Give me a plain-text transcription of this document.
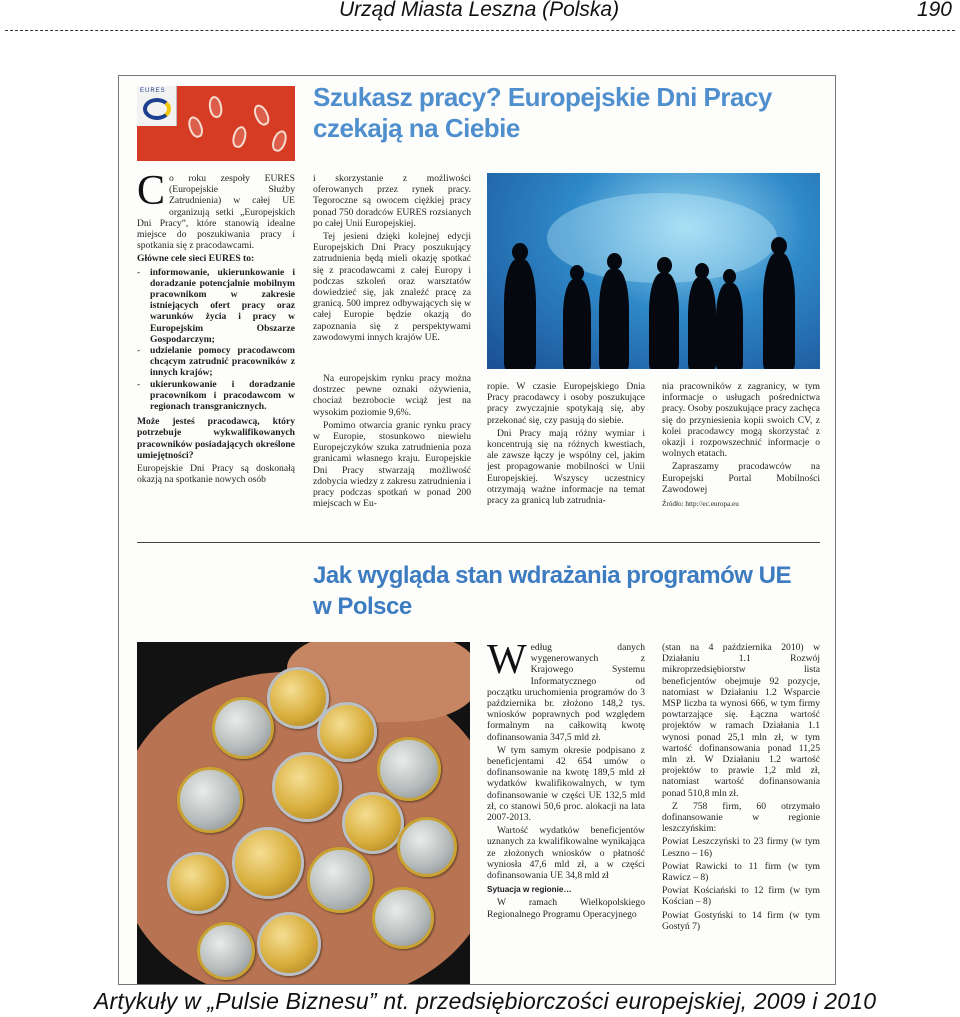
Urząd Miasta Leszna (Polska)	190
EURES	Szukasz pracy? Europejskie Dni Pracy
czekają na Ciebie

Co roku zespoły EURES (Europejskie Służby Zatrudnienia) w całej UE organizują setki „Europejskich Dni Pracy”, które stanowią idealne miejsce do poszukiwania pracy i spotkania się z pracodawcami.

Główne cele sieci EURES to:

- informowanie, ukierunkowanie i doradzanie potencjalnie mobilnym pracownikom w zakresie istniejących ofert pracy oraz warunków życia i pracy w Europejskim Obszarze Gospodarczym;
- udzielanie pomocy pracodawcom chcącym zatrudnić pracowników z innych krajów;
- ukierunkowanie i doradzanie pracownikom i pracodawcom w regionach transgranicznych.

Może jesteś pracodawcą, który potrzebuje wykwalifikowanych pracowników posiadających określone umiejętności?

Europejskie Dni Pracy są doskonałą okazją na spotkanie nowych osób

i skorzystanie z możliwości oferowanych przez rynek pracy. Tegoroczne są owocem ciężkiej pracy ponad 750 doradców EURES rozsianych po całej Unii Europejskiej.

Tej jesieni dzięki kolejnej edycji Europejskich Dni Pracy poszukujący zatrudnienia będą mieli okazję spotkać się z pracodawcami z całej Europy i podczas szkoleń oraz warsztatów dowiedzieć się, jak znaleźć pracę za granicą. 500 imprez odbywających się w całej Europie będzie okazją do zapoznania się z perspektywami zawodowymi innych krajów UE.

Na europejskim rynku pracy można dostrzec pewne oznaki ożywienia, chociaż bezrobocie wciąż jest na wysokim poziomie 9,6%.

Pomimo otwarcia granic rynku pracy w Europie, stosunkowo niewielu Europejczyków szuka zatrudnienia poza granicami własnego kraju. Europejskie Dni Pracy stwarzają możliwość zdobycia wiedzy z zakresu zatrudnienia i pracy podczas spotkań w ponad 200 miejscach w Eu-

ropie. W czasie Europejskiego Dnia Pracy pracodawcy i osoby poszukujące pracy zwyczajnie spotykają się, aby przekonać się, czy pasują do siebie.

Dni Pracy mają różny wymiar i koncentrują się na różnych kwestiach, ale zawsze łączy je wspólny cel, jakim jest propagowanie mobilności w Unii Europejskiej. Wszyscy uczestnicy otrzymają ważne informacje na temat pracy za granicą lub zatrudnia-

nia pracowników z zagranicy, w tym informacje o usługach pośrednictwa pracy. Osoby poszukujące pracy zachęca się do przyniesienia kopii swoich CV, z kolei pracodawcy mogą skorzystać z okazji i rozpowszechnić informacje o wolnych etatach.

Zapraszamy pracodawców na Europejski Portal Mobilności Zawodowej

Źródło: http://ec.europa.eu

Jak wygląda stan wdrażania programów UE
w Polsce

Według danych wygenerowanych z Krajowego Systemu Informatycznego od początku uruchomienia programów do 3 października br. złożono 148,2 tys. wniosków poprawnych pod względem formalnym na całkowitą kwotę dofinansowania 347,5 mld zł.

W tym samym okresie podpisano z beneficjentami 42 654 umów o dofinansowanie na kwotę 189,5 mld zł wydatków kwalifikowalnych, w tym dofinansowanie w części UE 132,5 mld zł, co stanowi 50,6 proc. alokacji na lata 2007-2013.

Wartość wydatków beneficjentów uznanych za kwalifikowalne wynikająca ze złożonych wniosków o płatność wyniosła 47,6 mld zł, a w części dofinansowania UE 34,8 mld zł

Sytuacja w regionie…

W ramach Wielkopolskiego Regionalnego Programu Operacyjnego

(stan na 4 października 2010) w Działaniu 1.1 Rozwój mikroprzedsiębiorstw lista beneficjentów obejmuje 92 pozycje, natomiast w Działaniu 1.2 Wsparcie MSP liczba ta wynosi 666, w tym firmy powtarzające się. Łączna wartość projektów w ramach Działania 1.1 wynosi ponad 25,1 mln zł, w tym wartość dofinansowania ponad 11,25 mln zł. W Działaniu 1.2 wartość projektów to prawie 1,2 mld zł, natomiast wartość dofinansowania ponad 510,8 mln zł.

Z 758 firm, 60 otrzymało dofinansowanie w regionie leszczyńskim:

Powiat Leszczyński to 23 firmy (w tym Leszno – 16)

Powiat Rawicki to 11 firm (w tym Rawicz – 8)

Powiat Kościański to 12 firm (w tym Kościan – 8)

Powiat Gostyński to 14 firm (w tym Gostyń 7)

Artykuły w „Pulsie Biznesu” nt. przedsiębiorczości europejskiej, 2009 i 2010
